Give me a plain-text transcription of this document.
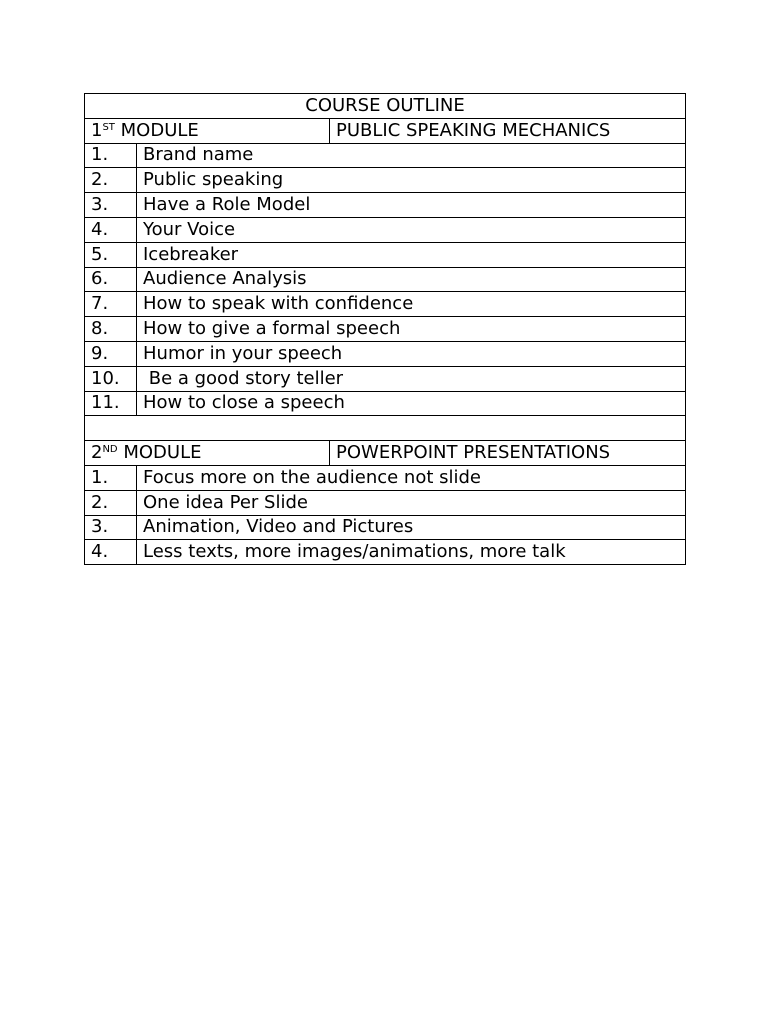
COURSE OUTLINE		
1ST MODULE		PUBLIC SPEAKING MECHANICS
1.	Brand name	
2.	Public speaking	
3.	Have a Role Model	
4.	Your Voice	
5.	Icebreaker	
6.	Audience Analysis	
7.	How to speak with confidence	
8.	How to give a formal speech	
9.	Humor in your speech	
10.	Be a good story teller	
11.	How to close a speech	

2ND MODULE		POWERPOINT PRESENTATIONS
1.	Focus more on the audience not slide	
2.	One idea Per Slide	
3.	Animation, Video and Pictures	
4.	Less texts, more images/animations, more talk	
